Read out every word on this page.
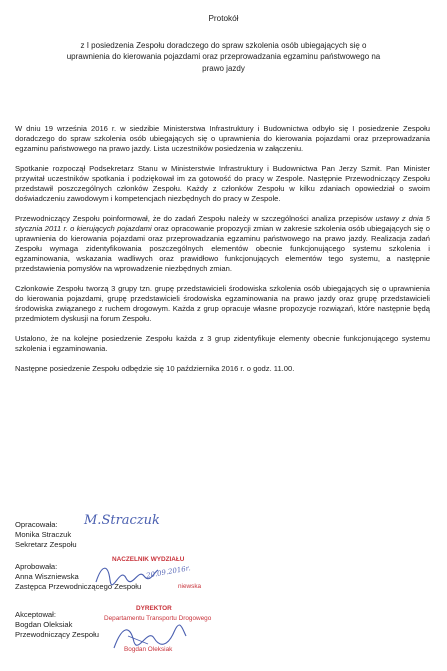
Protokół
z I posiedzenia Zespołu doradczego do spraw szkolenia osób ubiegających się o uprawnienia do kierowania pojazdami oraz przeprowadzania egzaminu państwowego na prawo jazdy

W dniu 19 września 2016 r. w siedzibie Ministerstwa Infrastruktury i Budownictwa odbyło się I posiedzenie Zespołu doradczego do spraw szkolenia osób ubiegających się o uprawnienia do kierowania pojazdami oraz przeprowadzania egzaminu państwowego na prawo jazdy. Lista uczestników posiedzenia w załączeniu.

Spotkanie rozpoczął Podsekretarz Stanu w Ministerstwie Infrastruktury i Budownictwa Pan Jerzy Szmit. Pan Minister przywitał uczestników spotkania i podziękował im za gotowość do pracy w Zespole. Następnie Przewodniczący Zespołu przedstawił poszczególnych członków Zespołu. Każdy z członków Zespołu w kilku zdaniach opowiedział o swoim doświadczeniu zawodowym i kompetencjach niezbędnych do pracy w Zespole.

Przewodniczący Zespołu poinformował, że do zadań Zespołu należy w szczególności analiza przepisów ustawy z dnia 5 stycznia 2011 r. o kierujących pojazdami oraz opracowanie propozycji zmian w zakresie szkolenia osób ubiegających się o uprawnienia do kierowania pojazdami oraz przeprowadzania egzaminu państwowego na prawo jazdy. Realizacja zadań Zespołu wymaga zidentyfikowania poszczególnych elementów obecnie funkcjonującego systemu szkolenia i egzaminowania, wskazania wadliwych oraz prawidłowo funkcjonujących elementów tego systemu, a następnie przedstawienia pomysłów na wprowadzenie niezbędnych zmian.

Członkowie Zespołu tworzą 3 grupy tzn. grupę przedstawicieli środowiska szkolenia osób ubiegających się o uprawnienia do kierowania pojazdami, grupę przedstawicieli środowiska egzaminowania na prawo jazdy oraz grupę przedstawicieli środowiska związanego z ruchem drogowym. Każda z grup opracuje własne propozycje rozwiązań, które następnie będą przedmiotem dyskusji na forum Zespołu.

Ustalono, że na kolejne posiedzenie Zespołu każda z 3 grup zidentyfikuje elementy obecnie funkcjonującego systemu szkolenia i egzaminowania.

Następne posiedzenie Zespołu odbędzie się 10 października 2016 r. o godz. 11.00.

Opracowała:
Monika Straczuk
Sekretarz Zespołu
M.Straczuk
Aprobowała:
Anna Wiszniewska
Zastępca Przewodniczącego Zespołu
NACZELNIK WYDZIAŁU
niewska
20.09.2016r.
Akceptował:
Bogdan Oleksiak
Przewodniczący Zespołu
DYREKTOR
Departamentu Transportu Drogowego
Bogdan Oleksiak
